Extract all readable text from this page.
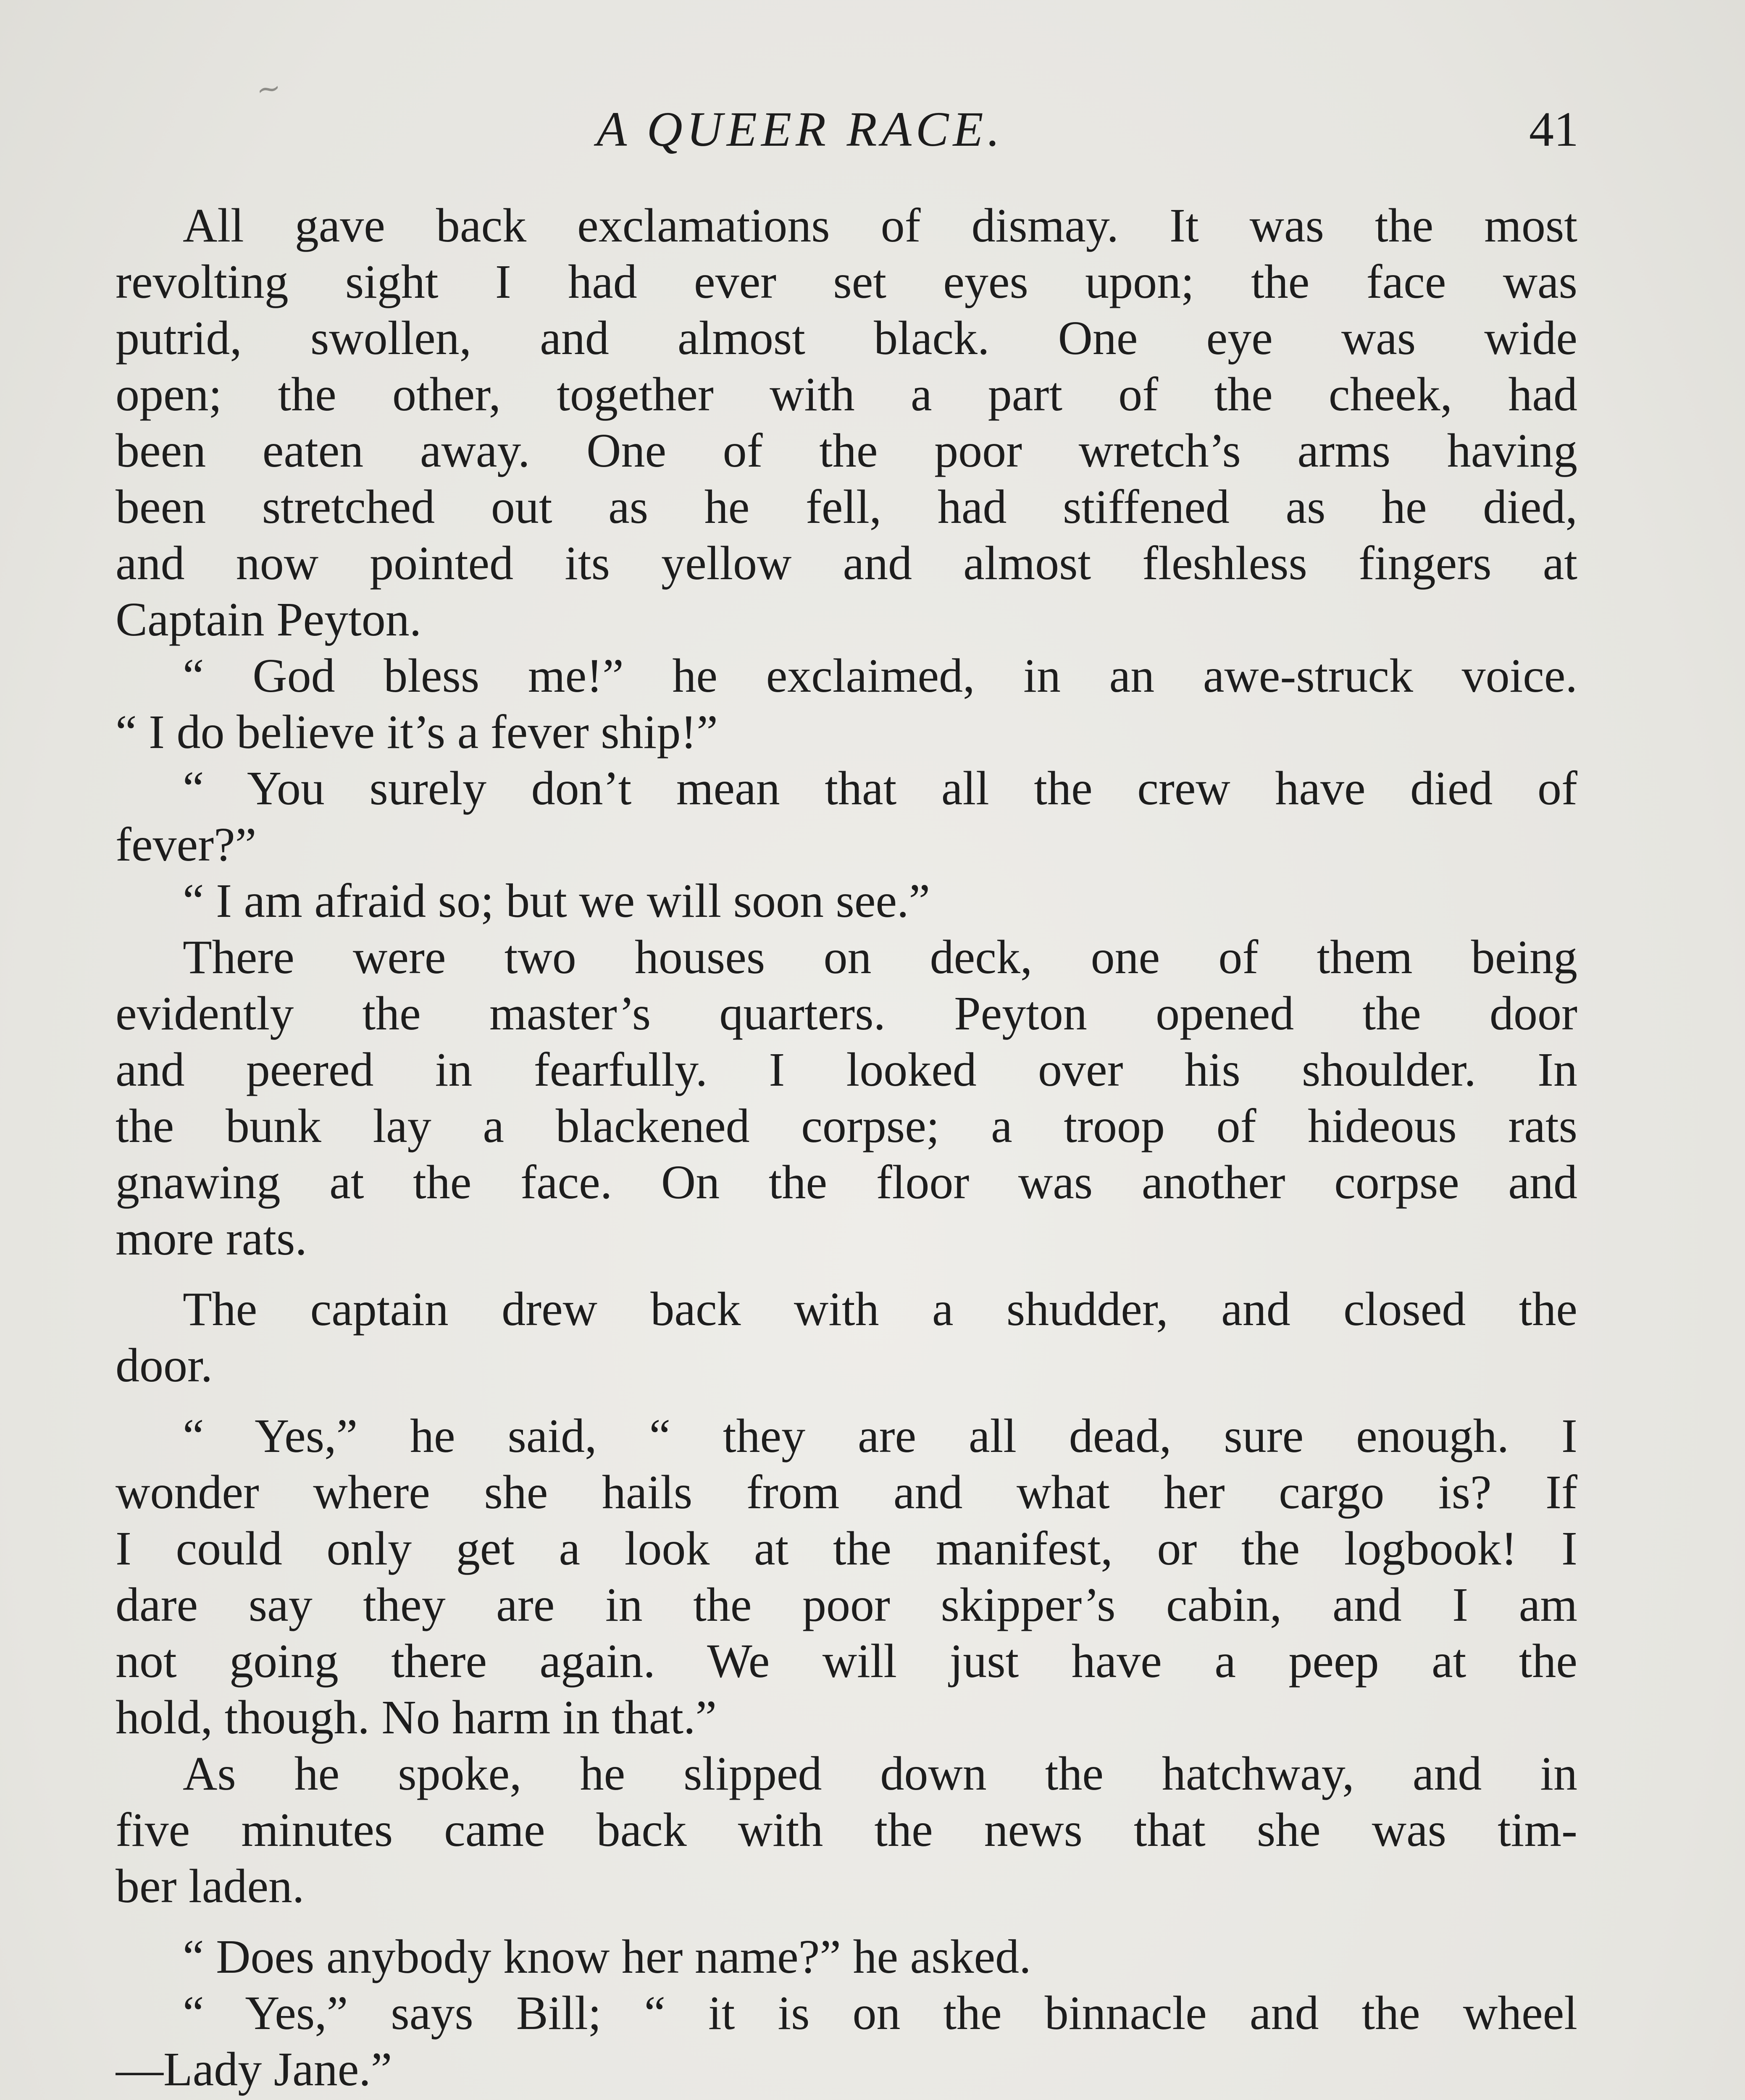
~
A QUEER RACE.	41
All gave back exclamations of dismay. It was the most
revolting sight I had ever set eyes upon; the face was
putrid, swollen, and almost black. One eye was wide
open; the other, together with a part of the cheek, had
been eaten away. One of the poor wretch’s arms having
been stretched out as he fell, had stiffened as he died,
and now pointed its yellow and almost fleshless fingers at
Captain Peyton.
“ God bless me!” he exclaimed, in an awe-struck voice.
“ I do believe it’s a fever ship!”
“ You surely don’t mean that all the crew have died of
fever?”
“ I am afraid so; but we will soon see.”
There were two houses on deck, one of them being
evidently the master’s quarters. Peyton opened the door
and peered in fearfully. I looked over his shoulder. In
the bunk lay a blackened corpse; a troop of hideous rats
gnawing at the face. On the floor was another corpse and
more rats.
The captain drew back with a shudder, and closed the
door.
“ Yes,” he said, “ they are all dead, sure enough. I
wonder where she hails from and what her cargo is? If
I could only get a look at the manifest, or the logbook! I
dare say they are in the poor skipper’s cabin, and I am
not going there again. We will just have a peep at the
hold, though. No harm in that.”
As he spoke, he slipped down the hatchway, and in
five minutes came back with the news that she was tim-
ber laden.
“ Does anybody know her name?” he asked.
“ Yes,” says Bill; “ it is on the binnacle and the wheel
—Lady Jane.”
